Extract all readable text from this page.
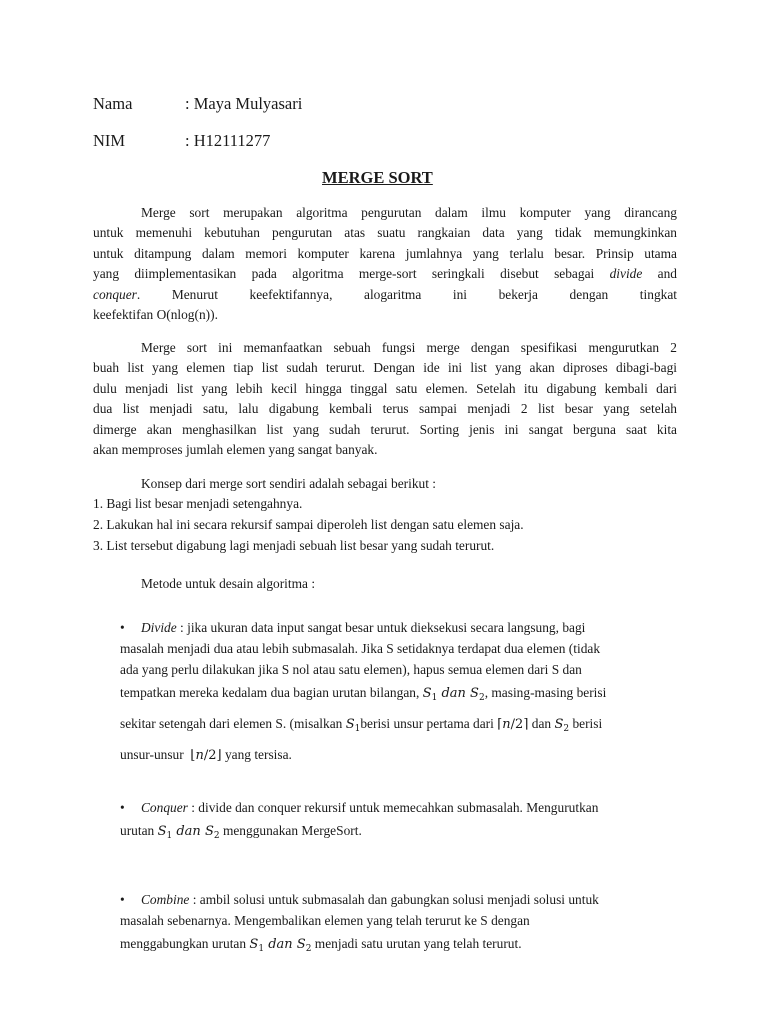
Nama	: Maya Mulyasari
NIM	: H12111277
MERGE SORT
Merge sort merupakan algoritma pengurutan dalam ilmu komputer yang dirancang
untuk memenuhi kebutuhan pengurutan atas suatu rangkaian data yang tidak memungkinkan
untuk ditampung dalam memori komputer karena jumlahnya yang terlalu besar. Prinsip utama
yang diimplementasikan pada algoritma merge-sort seringkali disebut sebagai divide and
conquer. Menurut keefektifannya, alogaritma ini bekerja dengan tingkat
keefektifan O(nlog(n)).
Merge sort ini memanfaatkan sebuah fungsi merge dengan spesifikasi mengurutkan 2
buah list yang elemen tiap list sudah terurut. Dengan ide ini list yang akan diproses dibagi-bagi
dulu menjadi list yang lebih kecil hingga tinggal satu elemen. Setelah itu digabung kembali dari
dua list menjadi satu, lalu digabung kembali terus sampai menjadi 2 list besar yang setelah
dimerge akan menghasilkan list yang sudah terurut. Sorting jenis ini sangat berguna saat kita
akan memproses jumlah elemen yang sangat banyak.
Konsep dari merge sort sendiri adalah sebagai berikut :
1. Bagi list besar menjadi setengahnya.
2. Lakukan hal ini secara rekursif sampai diperoleh list dengan satu elemen saja.
3. List tersebut digabung lagi menjadi sebuah list besar yang sudah terurut.
Metode untuk desain algoritma :
•	Divide : jika ukuran data input sangat besar untuk dieksekusi secara langsung, bagi
masalah menjadi dua atau lebih submasalah. Jika S setidaknya terdapat dua elemen (tidak
ada yang perlu dilakukan jika S nol atau satu elemen), hapus semua elemen dari S dan
tempatkan mereka kedalam dua bagian urutan bilangan, $S_1$ dan $S_2$, masing-masing berisi
sekitar setengah dari elemen S. (misalkan $S_1berisi$ unsur pertama dari ⌈𝑛/2⌉ dan $S_2$ berisi
unsur-unsur ⌊𝑛/2⌋ yang tersisa.
•	Conquer : divide dan conquer rekursif untuk memecahkan submasalah. Mengurutkan
urutan $S_1$ dan $S_2$ menggunakan MergeSort.
•	Combine : ambil solusi untuk submasalah dan gabungkan solusi menjadi solusi untuk
masalah sebenarnya. Mengembalikan elemen yang telah terurut ke S dengan
menggabungkan urutan $S_1$ dan $S_2$ menjadi satu urutan yang telah terurut.
